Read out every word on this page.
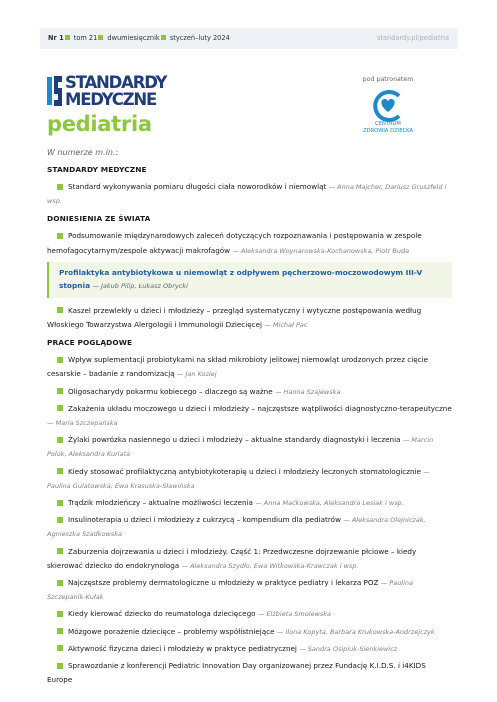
Nr 1 tom 21 dwumiesięcznik styczeń–luty 2024	standardy.pl/pediatria
STANDARDY
MEDYCZNE
pediatria
pod patronatem
CENTRUM
ZDROWIA DZIECKA
W numerze m.in.:
STANDARDY MEDYCZNE
Standard wykonywania pomiaru długości ciała noworodków i niemowląt — Anna Majcher, Dariusz Gruszfeld i wsp.
DONIESIENIA ZE ŚWIATA
Podsumowanie międzynarodowych zaleceń dotyczących rozpoznawania i postępowania w zespole hemofagocytarnym/zespole aktywacji makrofagów — Aleksandra Woynarowska-Kochanowska, Piotr Buda
Profilaktyka antybiotykowa u niemowląt z odpływem pęcherzowo-moczowodowym III-V stopnia — Jakub Pilip, Łukasz Obrycki
Kaszel przewlekły u dzieci i młodzieży – przegląd systematyczny i wytyczne postępowania według Włoskiego Towarzystwa Alergologii i Immunologii Dziecięcej — Michał Pac
PRACE POGLĄDOWE
Wpływ suplementacji probiotykami na skład mikrobioty jelitowej niemowląt urodzonych przez cięcie cesarskie – badanie z randomizacją — Jan Koziej
Oligosacharydy pokarmu kobiecego – dlaczego są ważne — Hanna Szajewska
Zakażenia układu moczowego u dzieci i młodzieży – najczęstsze wątpliwości diagnostyczno-terapeutyczne — Maria Szczepańska
Żylaki powrózka nasiennego u dzieci i młodzieży – aktualne standardy diagnostyki i leczenia — Marcin Polok, Aleksandra Kuriata
Kiedy stosować profilaktyczną antybiotykoterapię u dzieci i młodzieży leczonych stomatologicznie — Paulina Gulatowska, Ewa Krasuska-Sławińska
Trądzik młodzieńczy – aktualne możliwości leczenia — Anna Maćkowska, Aleksandra Lesiak i wsp.
Insulinoterapia u dzieci i młodzieży z cukrzycą – kompendium dla pediatrów — Aleksandra Olejniczak, Agnieszka Szadkowska
Zaburzenia dojrzewania u dzieci i młodzieży. Część 1: Przedwczesne dojrzewanie płciowe – kiedy skierować dziecko do endokrynologa — Aleksandra Szydło, Ewa Witkowska-Krawczak i wsp.
Najczęstsze problemy dermatologiczne u młodzieży w praktyce pediatry i lekarza POZ — Paulina Szczepanik-Kułak
Kiedy kierować dziecko do reumatologa dziecięcego — Elżbieta Smolewska
Mózgowe porażenie dziecięce – problemy współistniejące — Ilona Kopyta, Barbara Krukowska-Andrzejczyk
Aktywność fizyczna dzieci i młodzieży w praktyce pediatrycznej — Sandra Osipiuk-Sienkiewicz
Sprawozdanie z konferencji Pediatric Innovation Day organizowanej przez Fundację K.I.D.S. i i4KIDS Europe
